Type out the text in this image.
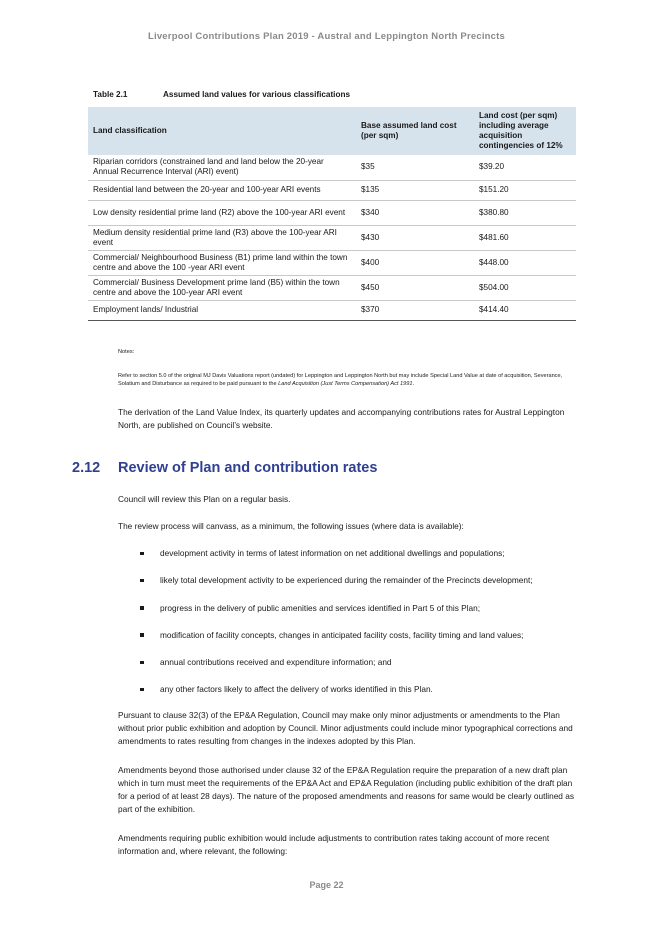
Liverpool Contributions Plan 2019 - Austral and Leppington North Precincts
Table 2.1	Assumed land values for various classifications
Land classification	Base assumed land cost (per sqm)	Land cost (per sqm) including average acquisition contingencies of 12%
Riparian corridors (constrained land and land below the 20-year Annual Recurrence Interval (ARI) event)	$35	$39.20
Residential land between the 20-year and 100-year ARI events	$135	$151.20
Low density residential prime land (R2) above the 100-year ARI event	$340	$380.80
Medium density residential prime land (R3) above the 100-year ARI event	$430	$481.60
Commercial/ Neighbourhood Business (B1) prime land within the town centre and above the 100 -year ARI event	$400	$448.00
Commercial/ Business Development prime land (B5) within the town centre and above the 100-year ARI event	$450	$504.00
Employment lands/ Industrial	$370	$414.40
Notes:
Refer to section 5.0 of the original MJ Davis Valuations report (undated) for Leppington and Leppington North but may include Special Land Value at date of acquisition, Severance, Solatium and Disturbance as required to be paid pursuant to the Land Acquisition (Just Terms Compensation) Act 1991.
The derivation of the Land Value Index, its quarterly updates and accompanying contributions rates for Austral Leppington North, are published on Council’s website.
2.12 Review of Plan and contribution rates
Council will review this Plan on a regular basis.
The review process will canvass, as a minimum, the following issues (where data is available):
development activity in terms of latest information on net additional dwellings and populations;
likely total development activity to be experienced during the remainder of the Precincts development;
progress in the delivery of public amenities and services identified in Part 5 of this Plan;
modification of facility concepts, changes in anticipated facility costs, facility timing and land values;
annual contributions received and expenditure information; and
any other factors likely to affect the delivery of works identified in this Plan.
Pursuant to clause 32(3) of the EP&A Regulation, Council may make only minor adjustments or amendments to the Plan without prior public exhibition and adoption by Council. Minor adjustments could include minor typographical corrections and amendments to rates resulting from changes in the indexes adopted by this Plan.
Amendments beyond those authorised under clause 32 of the EP&A Regulation require the preparation of a new draft plan which in turn must meet the requirements of the EP&A Act and EP&A Regulation (including public exhibition of the draft plan for a period of at least 28 days). The nature of the proposed amendments and reasons for same would be clearly outlined as part of the exhibition.
Amendments requiring public exhibition would include adjustments to contribution rates taking account of more recent information and, where relevant, the following:
Page 22
